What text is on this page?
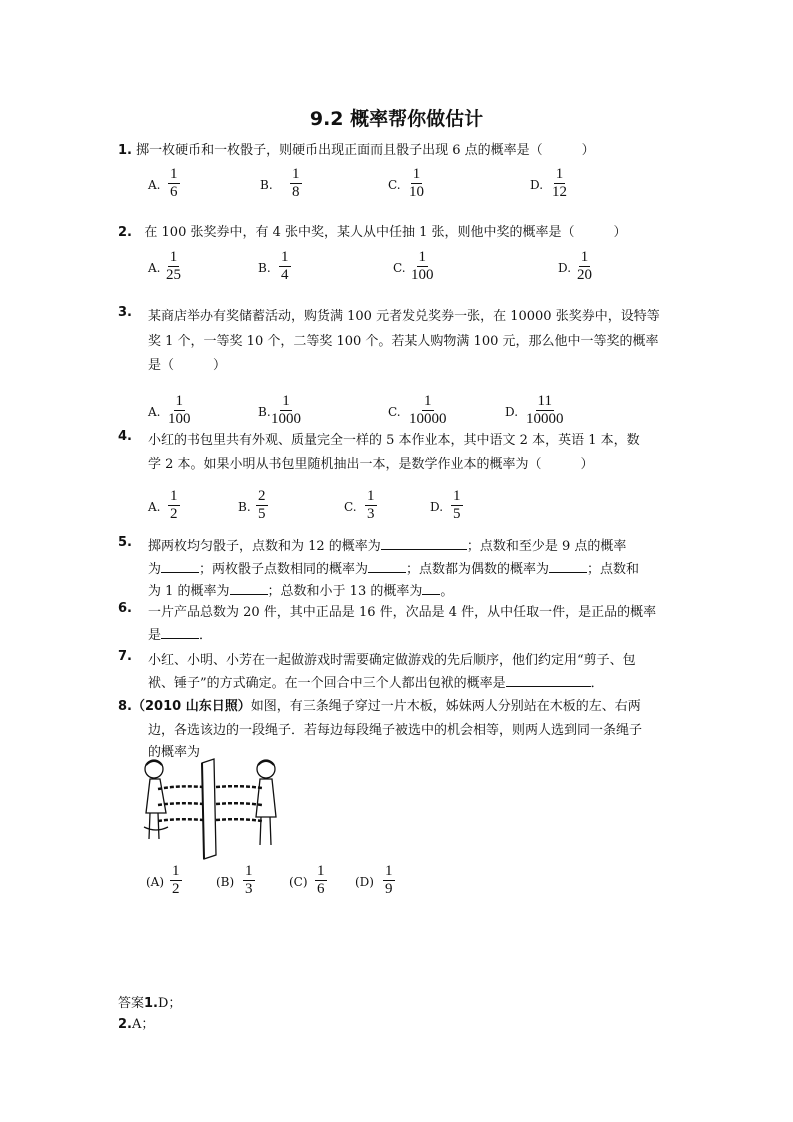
9.2 概率帮你做估计
1. 掷一枚硬币和一枚骰子，则硬币出现正面而且骰子出现 6 点的概率是（　　　）
A. $\frac{1}{6}$	B. $\frac{1}{8}$	C. $\frac{1}{10}$	D. $\frac{1}{12}$
2. 在 100 张奖券中，有 4 张中奖，某人从中任抽 1 张，则他中奖的概率是（　　　）
A. $\frac{1}{25}$	B. $\frac{1}{4}$	C. $\frac{1}{100}$	D. $\frac{1}{20}$
3. 某商店举办有奖储蓄活动，购货满 100 元者发兑奖券一张，在 10000 张奖券中，设特等
奖 1 个，一等奖 10 个，二等奖 100 个。若某人购物满 100 元，那么他中一等奖的概率
是（　　　）
A. $\frac{1}{100}$	B. $\frac{1}{1000}$	C. $\frac{1}{10000}$	D. $\frac{11}{10000}$
4. 小红的书包里共有外观、质量完全一样的 5 本作业本，其中语文 2 本，英语 1 本，数
学 2 本。如果小明从书包里随机抽出一本，是数学作业本的概率为（　　　）
A. $\frac{1}{2}$	B. $\frac{2}{5}$	C. $\frac{1}{3}$	D. $\frac{1}{5}$
5. 掷两枚均匀骰子，点数和为 12 的概率为	；点数和至少是 9 点的概率
为	；两枚骰子点数相同的概率为	；点数都为偶数的概率为	；点数和
为 1 的概率为	；总数和小于 13 的概率为 。
6. 一片产品总数为 20 件，其中正品是 16 件，次品是 4 件，从中任取一件，是正品的概率
是	．
7. 小红、小明、小芳在一起做游戏时需要确定做游戏的先后顺序，他们约定用“剪子、包
袱、锤子”的方式确定。在一个回合中三个人都出包袱的概率是	．
8.（2010 山东日照）如图，有三条绳子穿过一片木板，姊妹两人分别站在木板的左、右两
边，各选该边的一段绳子．若每边每段绳子被选中的机会相等，则两人选到同一条绳子
的概率为
$(A) \frac{1}{2}$	$(B) \frac{1}{3}$	$(C) \frac{1}{6} (D) \frac{1}{9}$
答案1.D；
2.A；
